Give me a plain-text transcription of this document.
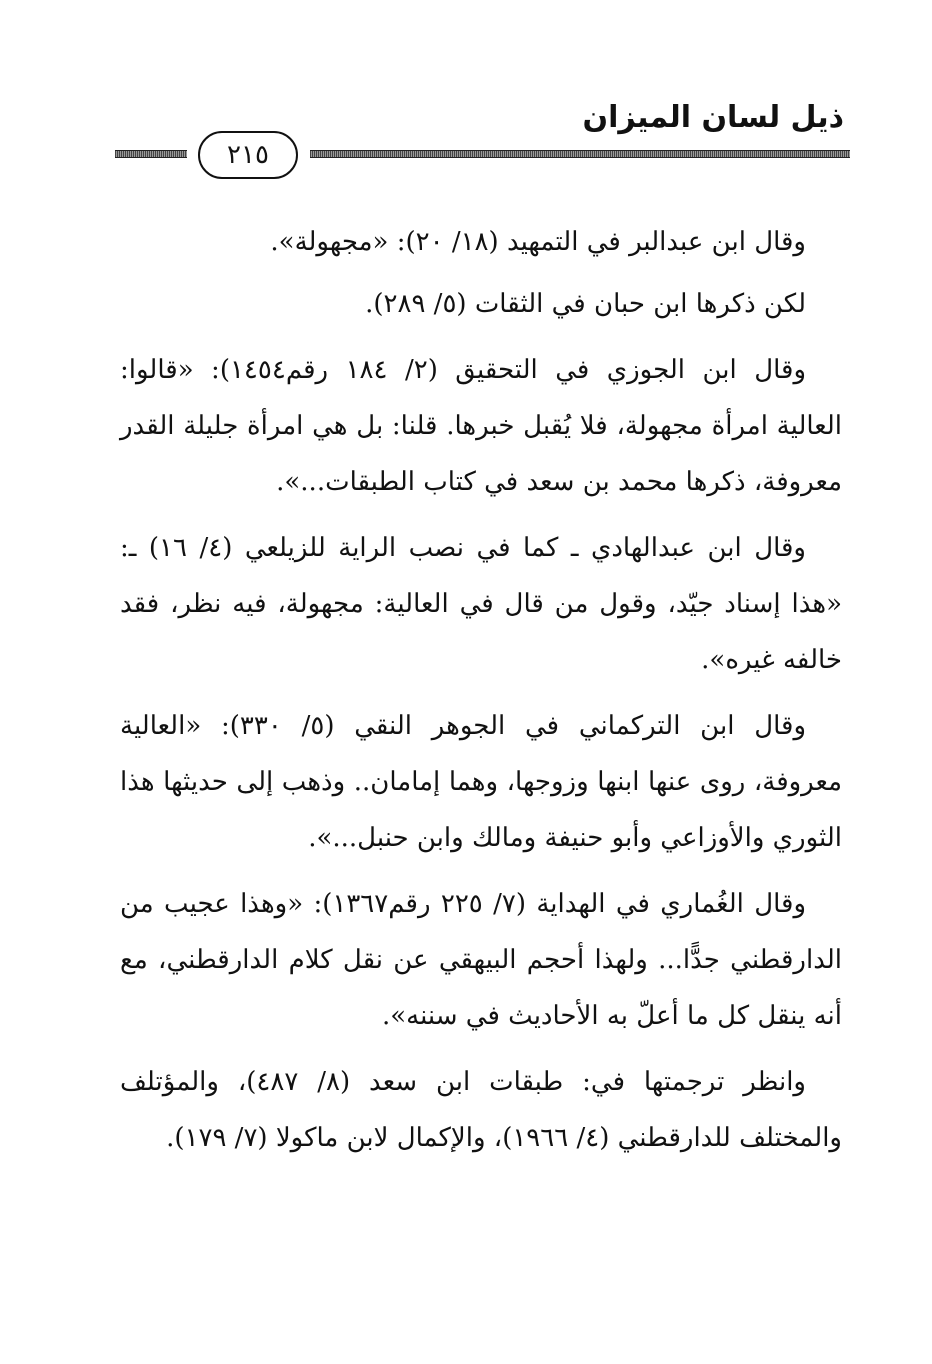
ذيل لسان الميزان
٢١٥

وقال ابن عبدالبر في التمهيد (١٨/ ٢٠): «مجهولة».

لكن ذكرها ابن حبان في الثقات (٥/ ٢٨٩).

وقال ابن الجوزي في التحقيق (٢/ ١٨٤ رقم١٤٥٤): «قالوا: العالية امرأة مجهولة، فلا يُقبل خبرها. قلنا: بل هي امرأة جليلة القدر معروفة، ذكرها محمد بن سعد في كتاب الطبقات...».

وقال ابن عبدالهادي ـ كما في نصب الراية للزيلعي (٤/ ١٦) ـ: «هذا إسناد جيّد، وقول من قال في العالية: مجهولة، فيه نظر، فقد خالفه غيره».

وقال ابن التركماني في الجوهر النقي (٥/ ٣٣٠): «العالية معروفة، روى عنها ابنها وزوجها، وهما إمامان.. وذهب إلى حديثها هذا الثوري والأوزاعي وأبو حنيفة ومالك وابن حنبل...».

وقال الغُماري في الهداية (٧/ ٢٢٥ رقم١٣٦٧): «وهذا عجيب من الدارقطني جدًّا... ولهذا أحجم البيهقي عن نقل كلام الدارقطني، مع أنه ينقل كل ما أعلّ به الأحاديث في سننه».

وانظر ترجمتها في: طبقات ابن سعد (٨/ ٤٨٧)، والمؤتلف والمختلف للدارقطني (٤/ ١٩٦٦)، والإكمال لابن ماكولا (٧/ ١٧٩).
